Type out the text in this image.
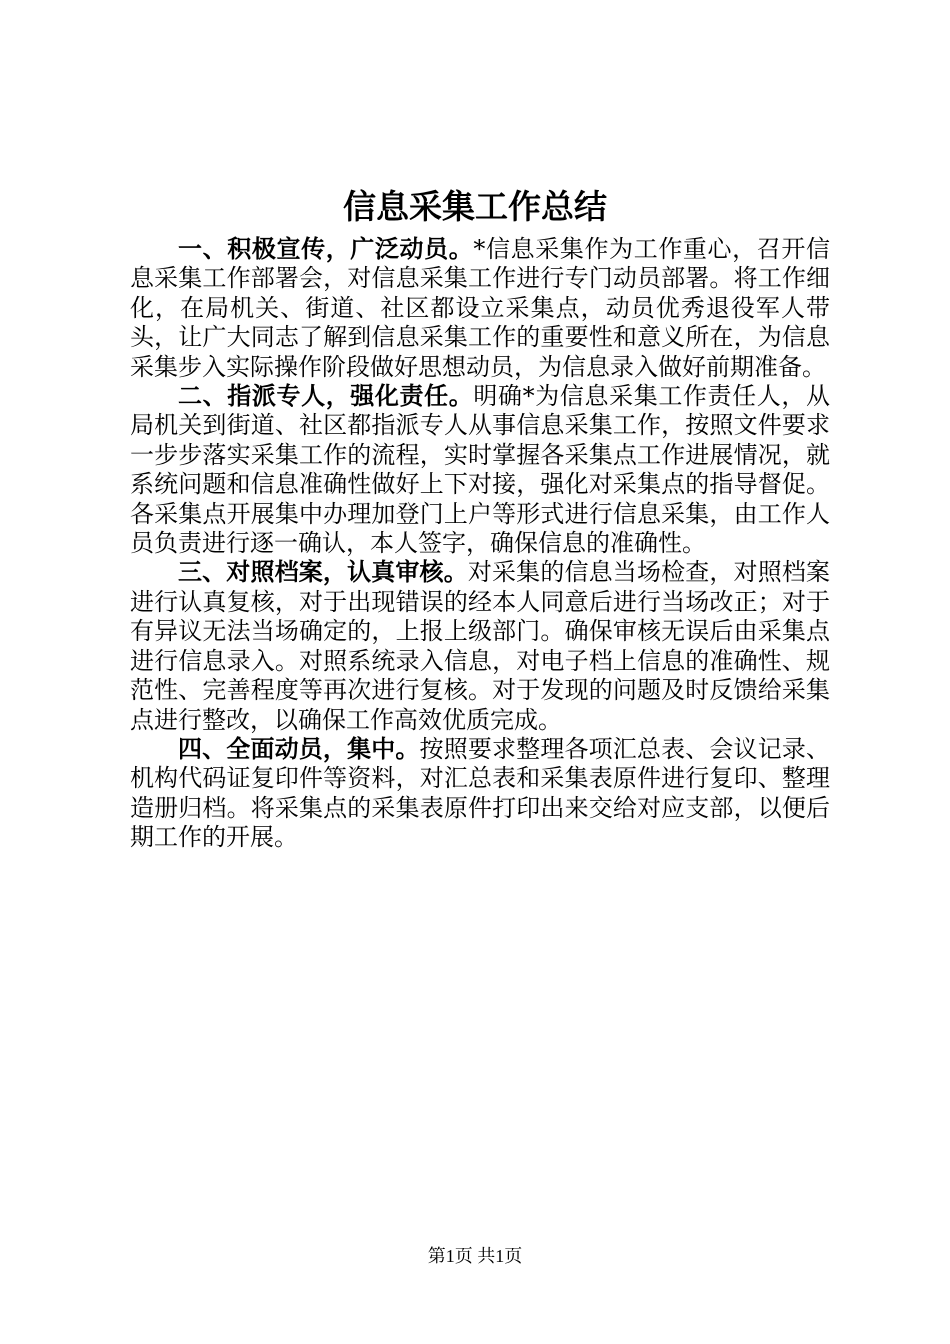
信息采集工作总结

一、积极宣传，广泛动员。*信息采集作为工作重心，召开信息采集工作部署会，对信息采集工作进行专门动员部署。将工作细化，在局机关、街道、社区都设立采集点，动员优秀退役军人带头，让广大同志了解到信息采集工作的重要性和意义所在，为信息采集步入实际操作阶段做好思想动员，为信息录入做好前期准备。

二、指派专人，强化责任。明确*为信息采集工作责任人，从局机关到街道、社区都指派专人从事信息采集工作，按照文件要求一步步落实采集工作的流程，实时掌握各采集点工作进展情况，就系统问题和信息准确性做好上下对接，强化对采集点的指导督促。各采集点开展集中办理加登门上户等形式进行信息采集，由工作人员负责进行逐一确认，本人签字，确保信息的准确性。

三、对照档案，认真审核。对采集的信息当场检查，对照档案进行认真复核，对于出现错误的经本人同意后进行当场改正；对于有异议无法当场确定的，上报上级部门。确保审核无误后由采集点进行信息录入。对照系统录入信息，对电子档上信息的准确性、规范性、完善程度等再次进行复核。对于发现的问题及时反馈给采集点进行整改，以确保工作高效优质完成。

四、全面动员，集中。按照要求整理各项汇总表、会议记录、机构代码证复印件等资料，对汇总表和采集表原件进行复印、整理造册归档。将采集点的采集表原件打印出来交给对应支部，以便后期工作的开展。

第1页 共1页
